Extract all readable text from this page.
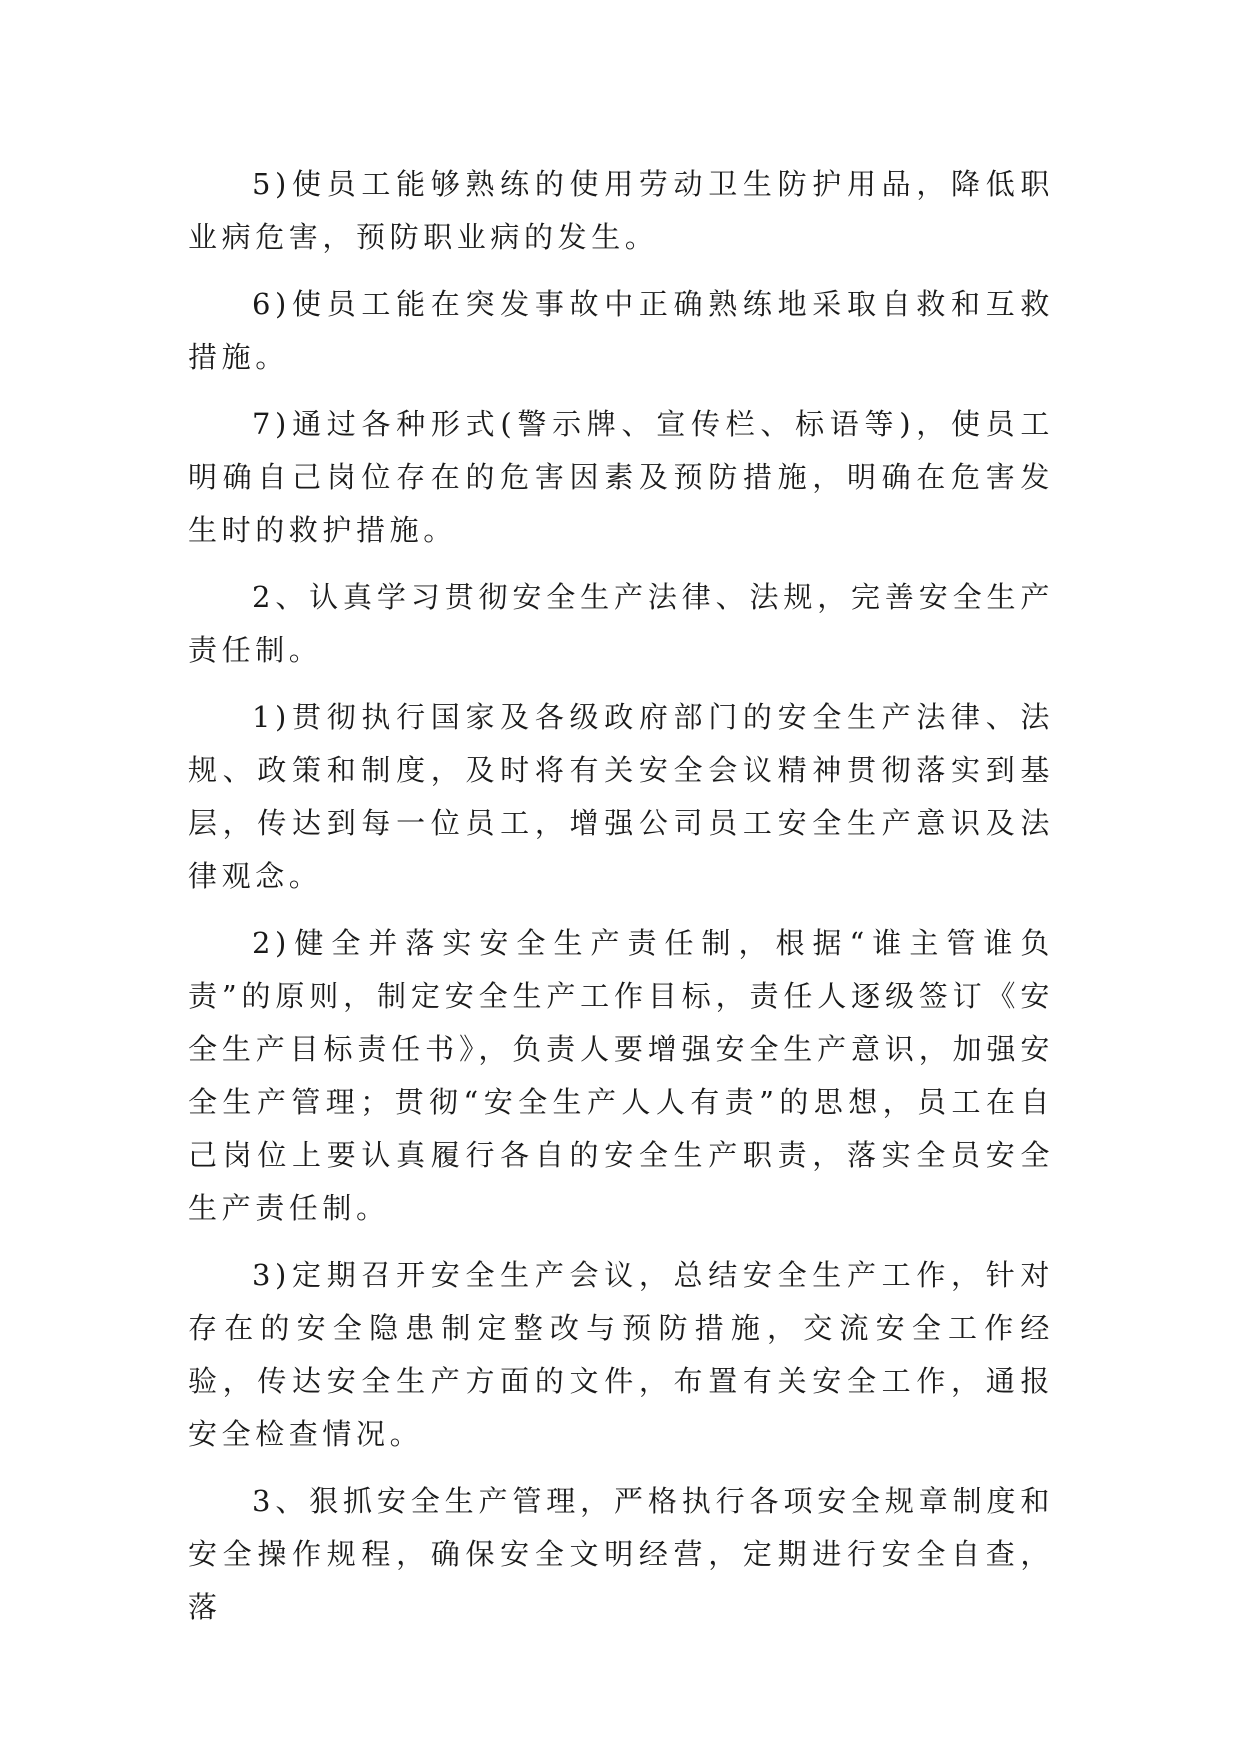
5)使员工能够熟练的使用劳动卫生防护用品，降低职业病危害，预防职业病的发生。

6)使员工能在突发事故中正确熟练地采取自救和互救措施。

7)通过各种形式(警示牌、宣传栏、标语等)，使员工明确自己岗位存在的危害因素及预防措施，明确在危害发生时的救护措施。

2、认真学习贯彻安全生产法律、法规，完善安全生产责任制。

1)贯彻执行国家及各级政府部门的安全生产法律、法规、政策和制度，及时将有关安全会议精神贯彻落实到基层，传达到每一位员工，增强公司员工安全生产意识及法律观念。

2)健全并落实安全生产责任制，根据“谁主管谁负责”的原则，制定安全生产工作目标，责任人逐级签订《安全生产目标责任书》，负责人要增强安全生产意识，加强安全生产管理；贯彻“安全生产人人有责”的思想，员工在自己岗位上要认真履行各自的安全生产职责，落实全员安全生产责任制。

3)定期召开安全生产会议，总结安全生产工作，针对存在的安全隐患制定整改与预防措施，交流安全工作经验，传达安全生产方面的文件，布置有关安全工作，通报安全检查情况。

3、狠抓安全生产管理，严格执行各项安全规章制度和安全操作规程，确保安全文明经营，定期进行安全自查，落
